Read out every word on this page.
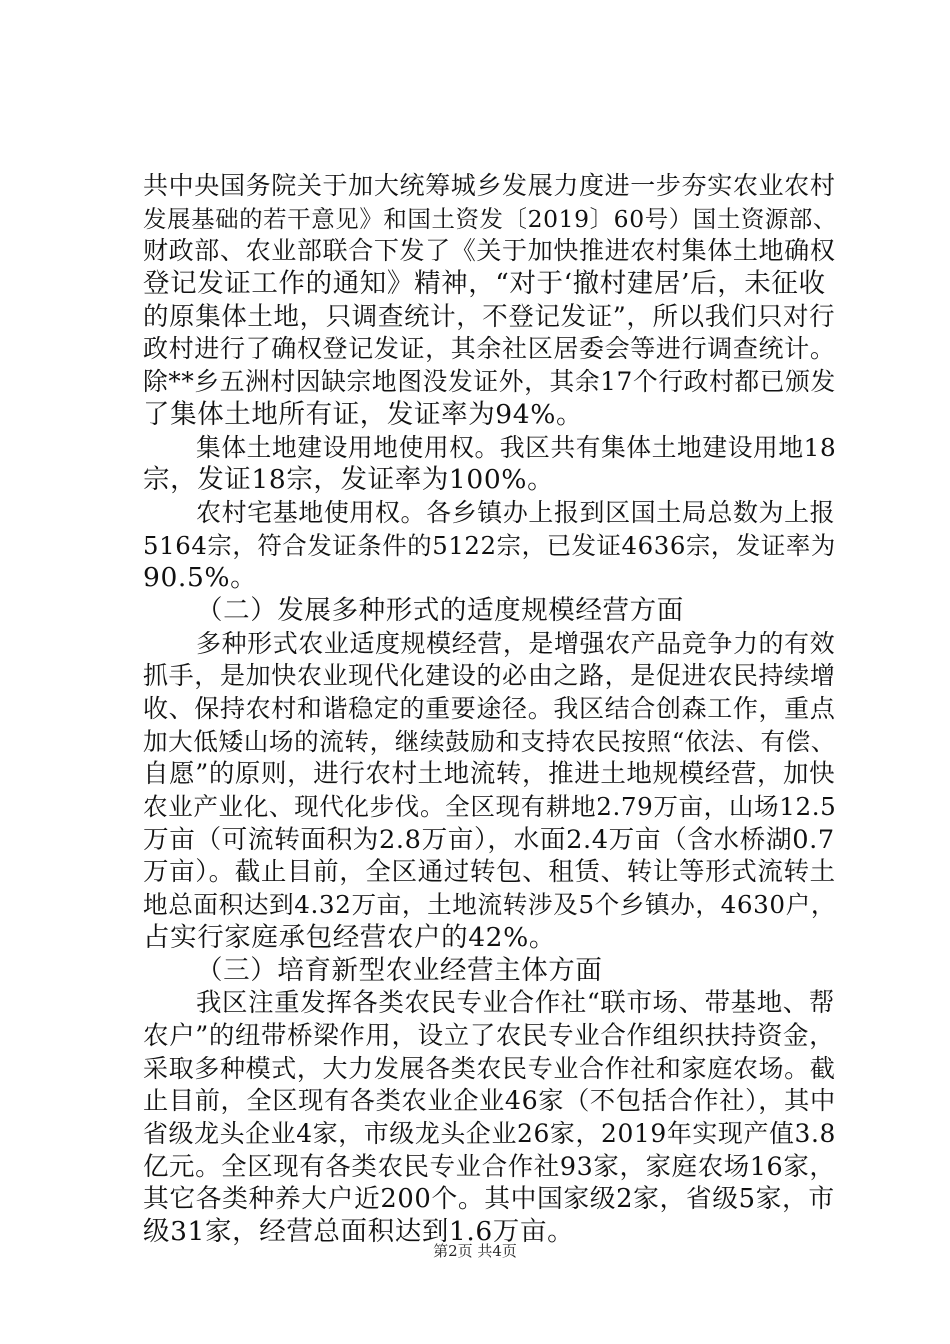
共中央国务院关于加大统筹城乡发展力度进一步夯实农业农村
发展基础的若干意见》和国土资发〔2019〕60号）国土资源部、
财政部、农业部联合下发了《关于加快推进农村集体土地确权
登记发证工作的通知》精神，“对于‘撤村建居’后，未征收
的原集体土地，只调查统计，不登记发证”，所以我们只对行
政村进行了确权登记发证，其余社区居委会等进行调查统计。
除**乡五洲村因缺宗地图没发证外，其余17个行政村都已颁发
了集体土地所有证，发证率为94%。
集体土地建设用地使用权。我区共有集体土地建设用地18
宗，发证18宗，发证率为100%。
农村宅基地使用权。各乡镇办上报到区国土局总数为上报
5164宗，符合发证条件的5122宗，已发证4636宗，发证率为
90.5%。
（二）发展多种形式的适度规模经营方面
多种形式农业适度规模经营，是增强农产品竞争力的有效
抓手，是加快农业现代化建设的必由之路，是促进农民持续增
收、保持农村和谐稳定的重要途径。我区结合创森工作，重点
加大低矮山场的流转，继续鼓励和支持农民按照“依法、有偿、
自愿”的原则，进行农村土地流转，推进土地规模经营，加快
农业产业化、现代化步伐。全区现有耕地2.79万亩，山场12.5
万亩（可流转面积为2.8万亩），水面2.4万亩（含水桥湖0.7
万亩）。截止目前，全区通过转包、租赁、转让等形式流转土
地总面积达到4.32万亩，土地流转涉及5个乡镇办，4630户，
占实行家庭承包经营农户的42%。
（三）培育新型农业经营主体方面
我区注重发挥各类农民专业合作社“联市场、带基地、帮
农户”的纽带桥梁作用，设立了农民专业合作组织扶持资金，
采取多种模式，大力发展各类农民专业合作社和家庭农场。截
止目前，全区现有各类农业企业46家（不包括合作社），其中
省级龙头企业4家，市级龙头企业26家，2019年实现产值3.8
亿元。全区现有各类农民专业合作社93家，家庭农场16家，
其它各类种养大户近200个。其中国家级2家，省级5家，市
级31家，经营总面积达到1.6万亩。
第2页 共4页
